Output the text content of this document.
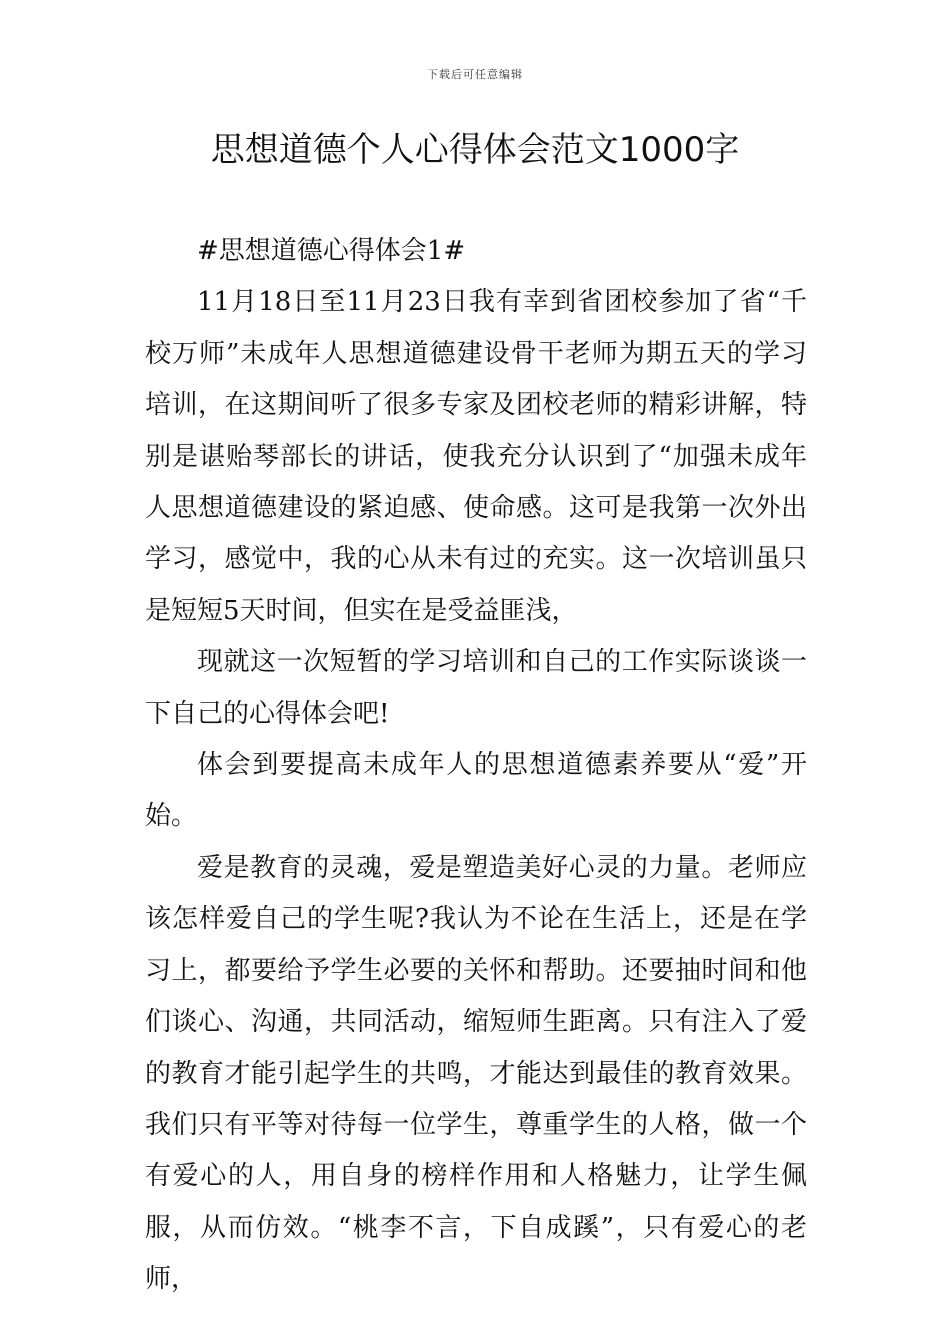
下载后可任意编辑
思想道德个人心得体会范文1000字

#思想道德心得体会1#

11月18日至11月23日我有幸到省团校参加了省“千校万师”未成年人思想道德建设骨干老师为期五天的学习培训，在这期间听了很多专家及团校老师的精彩讲解，特别是谌贻琴部长的讲话，使我充分认识到了“加强未成年人思想道德建设的紧迫感、使命感。这可是我第一次外出学习，感觉中，我的心从未有过的充实。这一次培训虽只是短短5天时间，但实在是受益匪浅，

现就这一次短暂的学习培训和自己的工作实际谈谈一下自己的心得体会吧!

体会到要提高未成年人的思想道德素养要从“爱”开始。

爱是教育的灵魂，爱是塑造美好心灵的力量。老师应该怎样爱自己的学生呢?我认为不论在生活上，还是在学习上，都要给予学生必要的关怀和帮助。还要抽时间和他们谈心、沟通，共同活动，缩短师生距离。只有注入了爱的教育才能引起学生的共鸣，才能达到最佳的教育效果。我们只有平等对待每一位学生，尊重学生的人格，做一个有爱心的人，用自身的榜样作用和人格魅力，让学生佩服，从而仿效。“桃李不言，下自成蹊”，只有爱心的老师，
